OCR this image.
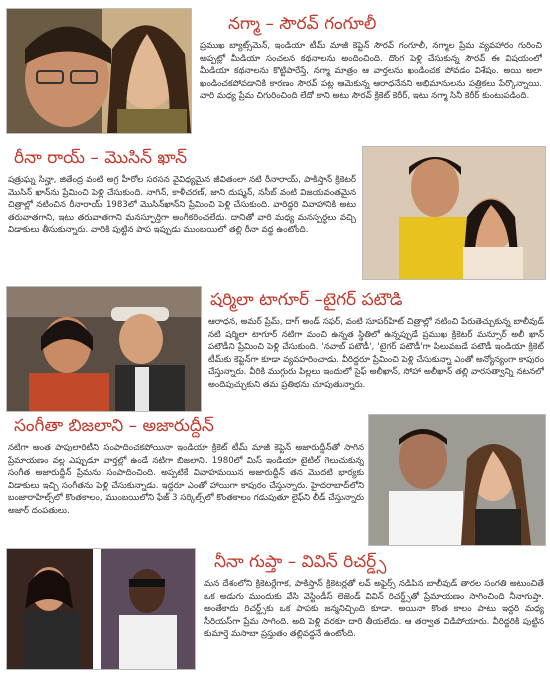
నగ్మా – సౌరవ్ గంగూలీ
ప్రముఖ బ్యాట్స్‌మెన్, ఇండియా టీమ్ మాజీ కెప్టెన్ సౌరవ్ గంగూలీ, నగ్మాల ప్రేమ వ్యవహారం గురించి అప్పట్లో మీడియా సంచలన కథనాలను అందించింది. దొంగ పెళ్లి చేసుకున్న సౌరవ్ ఈ విషయంలో మీడియా కథనాలను కొట్టిపారేస్తే, నగ్మా మాత్రం ఆ వార్తలను ఖండించక పోవడం విశేషం. అయి అలా ఖండించకపోవడానికి కారణం సౌరవ్ పట్ల ఆమెకున్న ఆరాధనేనని అభిమానులను పత్రికలు పేర్కొన్నాయి. వారి మధ్య ప్రేమ చిగురించింది లేదో కాని అటు సౌరవ్ క్రికెట్ కెరీర్, ఇటు నగ్మా సినీ కెరీర్ కుంటుపడింది.
రీనా రాయ్ – మొసిన్ ఖాన్
షత్రుఘ్న సిన్హా, జితేంద్ర వంటి అగ్ర హీరోల సరసన వైవిధ్యమైన జీవితంలా నటి రీనారాయ్, పాకిస్తాన్ క్రికెటర్ మొసిన్ ఖాన్‌ను ప్రేమించి పెళ్లి చేసుకుంది. నాగిన్, కాళీచరణ్, జాని దుష్మన్, నసీబ్ వంటి విజయవంతమైన చిత్రాల్లో నటించిన రీనారాయ్ 1983లో మొసిన్‌ఖాన్‌ని ప్రేమించి పెళ్లి చేసుకుంది. వారిద్దరి వివాహానికి అటు తరువాతగాని, ఇటు తరువాతగాని మనస్ఫూర్తిగా అంగీకరించలేదు. దానితో వారి మధ్య మనస్పర్ధలు వచ్చి విడాకులు తీసుకున్నారు. వారికి పుట్టిన పాప ఇప్పుడు ముంబయిలో తల్లి రీనా వద్ద ఉంటోంది.
షర్మిలా టాగూర్ –టైగర్ పటౌడి
ఆరాధన, అమర్ ప్రేమ్, దాగ్ అండ్ సఫర్, వంటి సూపర్‌హిట్ చిత్రాల్లో నటించి పేరుతెచ్చుకున్న బాలీవుడ్ నటి షర్మిలా టాగూర్ నటిగా మంచి ఉన్నత స్థితిలో ఉన్నప్పుడే ప్రముఖ క్రికెటర్ మన్సూర్ అలీ ఖాన్ పటౌడీని ప్రేమించి పెళ్లి చేసుకుంది. 'నవాబ్ పటౌడీ', 'టైగర్ పటౌడీ'గా పిలువబడే పటౌడీ ఇండియా క్రికెట్ టీమ్‌కు కెప్టెన్‌గా కూడా వ్యవహరించాడు. వీరిద్దరూ ప్రేమించి పెళ్లి చేసుకున్నా ఎంతో అన్యోన్యంగా కాపురం చేస్తున్నారు. వీరికి ముగ్గురు పిల్లలు ఇందులో సైఫ్ అలీఖాన్, సోహా అలీఖాన్ తల్లి వారసత్వాన్ని నటనలో అందిపుచ్చుకుని తమ ప్రతిభను చూపుతున్నారు.
సంగీతా బిజలాని – అజారుద్దీన్
నటిగా అంత పాపులారిటీని సంపాదించకపోయినా ఇండియా క్రికెట్ టీమ్ మాజీ కెప్టెన్ అజారుద్దీన్‌తో సాగిన ప్రేమాయణం వల్ల ఎప్పుడూ వార్తల్లో ఉండే నటిగా బిజలాని. 1980లో మిస్ ఇండియా టైటిల్ గెలుచుకున్న సంగీత అజారుద్దీన్ ప్రేమను సంపాదించింది. అప్పటికే వివాహమయిన అజారుద్దీన్ తన మొదటి భార్యకు విడాకులు ఇచ్చి సంగీతను పెళ్లి చేసుకున్నాడు. ఇద్దరూ ఎంతో హాయిగా కాపురం చేస్తున్నారు. హైదరాబాద్‌లోని బంజారాహిల్స్‌లో కొంతకాలం, ముంబయిలోని ఫేజ్ 3 సర్కిల్స్‌లో కొంతకాలం గడుపుతూ లైఫ్‌ని లీడ్ చేస్తున్నారు అజార్ దంపతులు.
నీనా గుప్తా – వివిన్ రిచర్డ్స్
మన దేశంలోని క్రికెటర్లేగాక, పాకిస్తాన్ క్రికెటర్లతో లవ్ అఫైర్స్ నడిపిన బాలీవుడ్ తారల సంగతి అటుంచితే ఒక అడుగు ముందుకు వేసి వెస్టిండీస్ లెజెండ్ వివిన్ రిచర్డ్స్‌తో ప్రేమాయణం సాగించింది నీనాగుప్తా. అంతేకాదు రిచర్డ్స్‌కు ఒక పాపకు జన్మనిచ్చింది కూడా. అయినా కొంత కాలం పాటు ఇద్దరి మధ్య సీరియస్‌గా ప్రేమ సాగింది. అది పెళ్లి వరకూ దారి తీయలేదు. ఆ తర్వాత విడిపోయారు. వీరిద్దరికి పుట్టిన కుమార్తె మసాబా ప్రస్తుతం తల్లివద్దనే ఉంటోంది.
